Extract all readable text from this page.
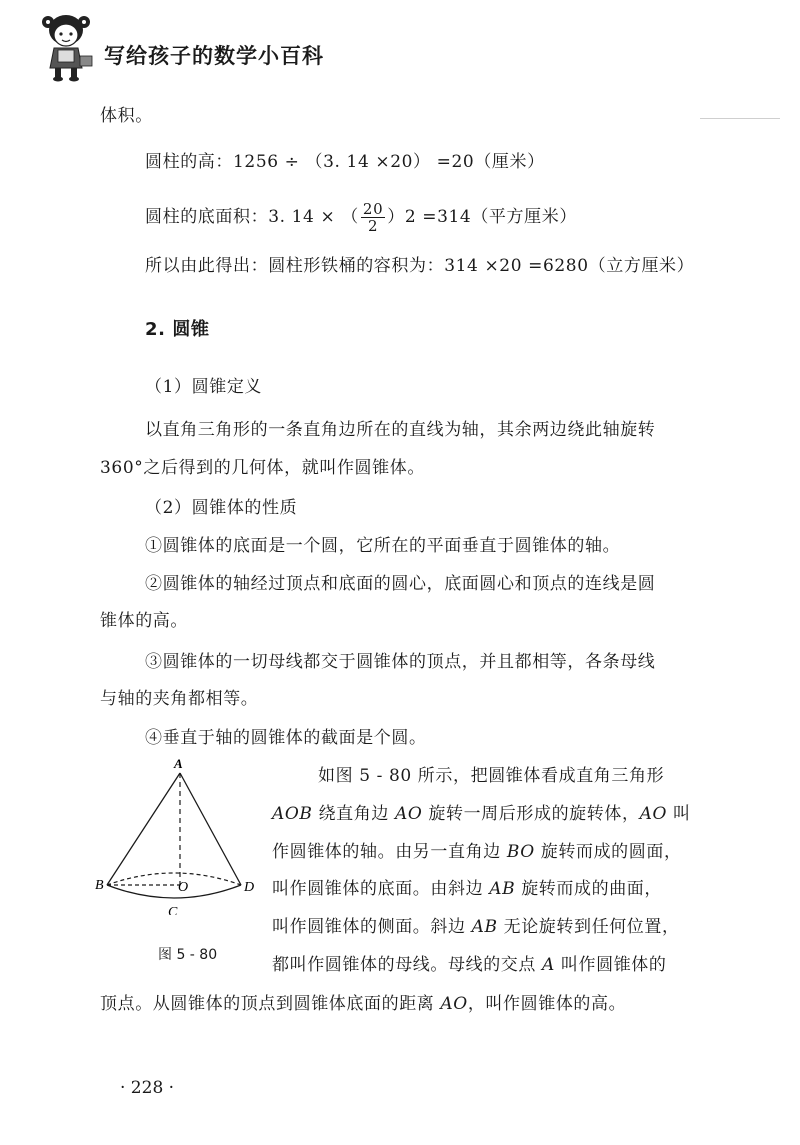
写给孩子的数学小百科
体积。
圆柱的高：1256 ÷ （3. 14 ×20） =20（厘米）
圆柱的底面积：3. 14 × （ $\frac{20}{2} )2 =314$（平方厘米）
所以由此得出：圆柱形铁桶的容积为：314 ×20 =6280（立方厘米）
2. 圆锥
（1）圆锥定义
以直角三角形的一条直角边所在的直线为轴，其余两边绕此轴旋转
360°之后得到的几何体，就叫作圆锥体。
（2）圆锥体的性质
①圆锥体的底面是一个圆，它所在的平面垂直于圆锥体的轴。
②圆锥体的轴经过顶点和底面的圆心，底面圆心和顶点的连线是圆
锥体的高。
③圆锥体的一切母线都交于圆锥体的顶点，并且都相等，各条母线
与轴的夹角都相等。
④垂直于轴的圆锥体的截面是个圆。
A
B	O	D
C
图 5 - 80
如图 5 - 80 所示，把圆锥体看成直角三角形
AOB 绕直角边 AO 旋转一周后形成的旋转体，AO 叫
作圆锥体的轴。由另一直角边 BO 旋转而成的圆面，
叫作圆锥体的底面。由斜边 AB 旋转而成的曲面，
叫作圆锥体的侧面。斜边 AB 无论旋转到任何位置，
都叫作圆锥体的母线。母线的交点 A 叫作圆锥体的
顶点。从圆锥体的顶点到圆锥体底面的距离 AO，叫作圆锥体的高。
· 228 ·
